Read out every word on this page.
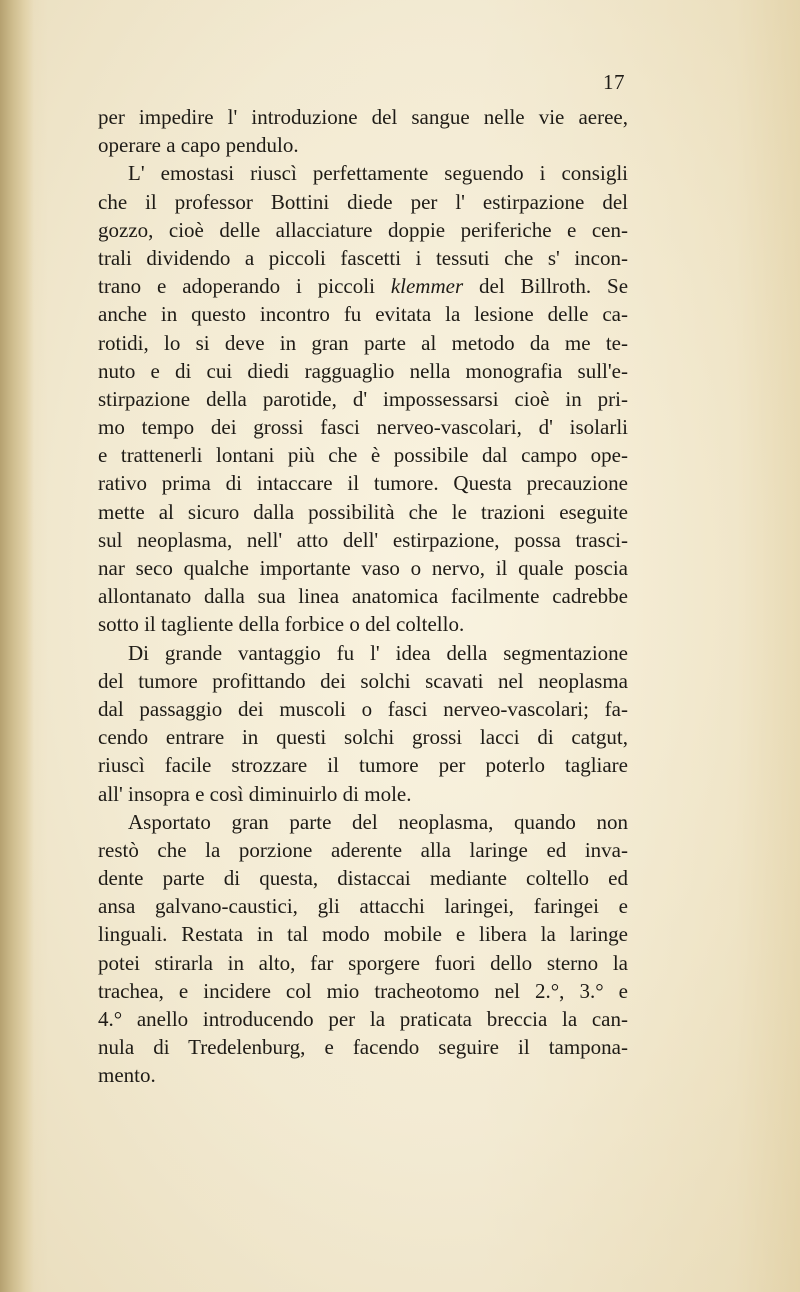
17
per impedire l' introduzione del sangue nelle vie aeree,
operare a capo pendulo.
L' emostasi riuscì perfettamente seguendo i consigli
che il professor Bottini diede per l' estirpazione del
gozzo, cioè delle allacciature doppie periferiche e cen-
trali dividendo a piccoli fascetti i tessuti che s' incon-
trano e adoperando i piccoli klemmer del Billroth. Se
anche in questo incontro fu evitata la lesione delle ca-
rotidi, lo si deve in gran parte al metodo da me te-
nuto e di cui diedi ragguaglio nella monografia sull'e-
stirpazione della parotide, d' impossessarsi cioè in pri-
mo tempo dei grossi fasci nerveo-vascolari, d' isolarli
e trattenerli lontani più che è possibile dal campo ope-
rativo prima di intaccare il tumore. Questa precauzione
mette al sicuro dalla possibilità che le trazioni eseguite
sul neoplasma, nell' atto dell' estirpazione, possa trasci-
nar seco qualche importante vaso o nervo, il quale poscia
allontanato dalla sua linea anatomica facilmente cadrebbe
sotto il tagliente della forbice o del coltello.
Di grande vantaggio fu l' idea della segmentazione
del tumore profittando dei solchi scavati nel neoplasma
dal passaggio dei muscoli o fasci nerveo-vascolari; fa-
cendo entrare in questi solchi grossi lacci di catgut,
riuscì facile strozzare il tumore per poterlo tagliare
all' insopra e così diminuirlo di mole.
Asportato gran parte del neoplasma, quando non
restò che la porzione aderente alla laringe ed inva-
dente parte di questa, distaccai mediante coltello ed
ansa galvano-caustici, gli attacchi laringei, faringei e
linguali. Restata in tal modo mobile e libera la laringe
potei stirarla in alto, far sporgere fuori dello sterno la
trachea, e incidere col mio tracheotomo nel 2.°, 3.° e
4.° anello introducendo per la praticata breccia la can-
nula di Tredelenburg, e facendo seguire il tampona-
mento.
